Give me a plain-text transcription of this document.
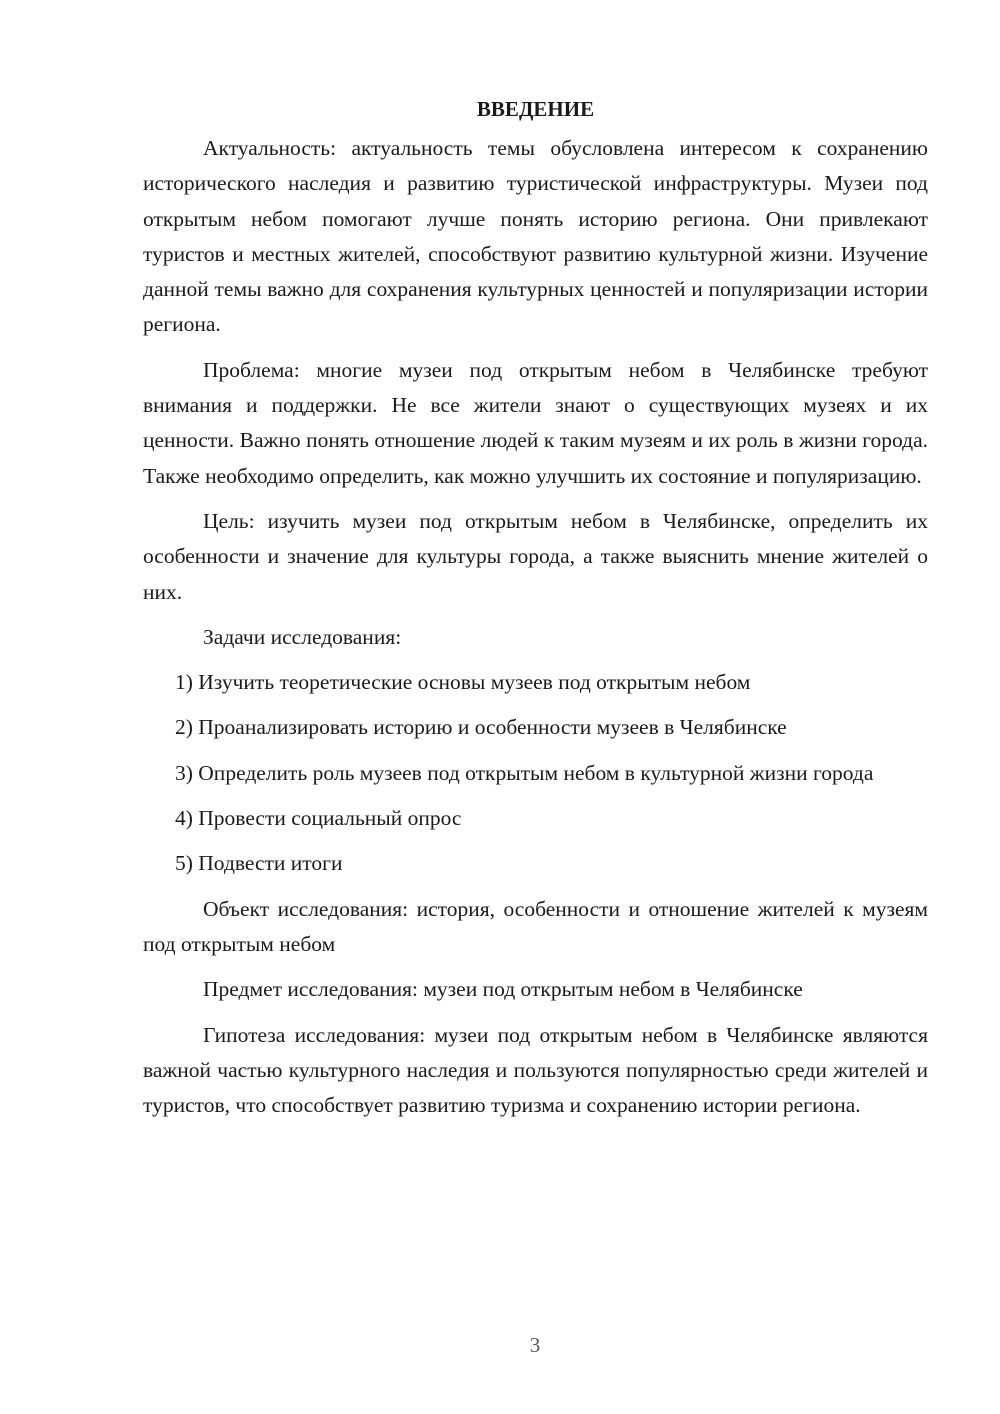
ВВЕДЕНИЕ

Актуальность: актуальность темы обусловлена интересом к сохранению исторического наследия и развитию туристической инфраструктуры. Музеи под открытым небом помогают лучше понять историю региона. Они привлекают туристов и местных жителей, способствуют развитию культурной жизни. Изучение данной темы важно для сохранения культурных ценностей и популяризации истории региона.

Проблема: многие музеи под открытым небом в Челябинске требуют внимания и поддержки. Не все жители знают о существующих музеях и их ценности. Важно понять отношение людей к таким музеям и их роль в жизни города. Также необходимо определить, как можно улучшить их состояние и популяризацию.

Цель: изучить музеи под открытым небом в Челябинске, определить их особенности и значение для культуры города, а также выяснить мнение жителей о них.

Задачи исследования:

1) Изучить теоретические основы музеев под открытым небом

2) Проанализировать историю и особенности музеев в Челябинске

3) Определить роль музеев под открытым небом в культурной жизни города

4) Провести социальный опрос

5) Подвести итоги

Объект исследования: история, особенности и отношение жителей к музеям под открытым небом

Предмет исследования: музеи под открытым небом в Челябинске

Гипотеза исследования: музеи под открытым небом в Челябинске являются важной частью культурного наследия и пользуются популярностью среди жителей и туристов, что способствует развитию туризма и сохранению истории региона.

3
